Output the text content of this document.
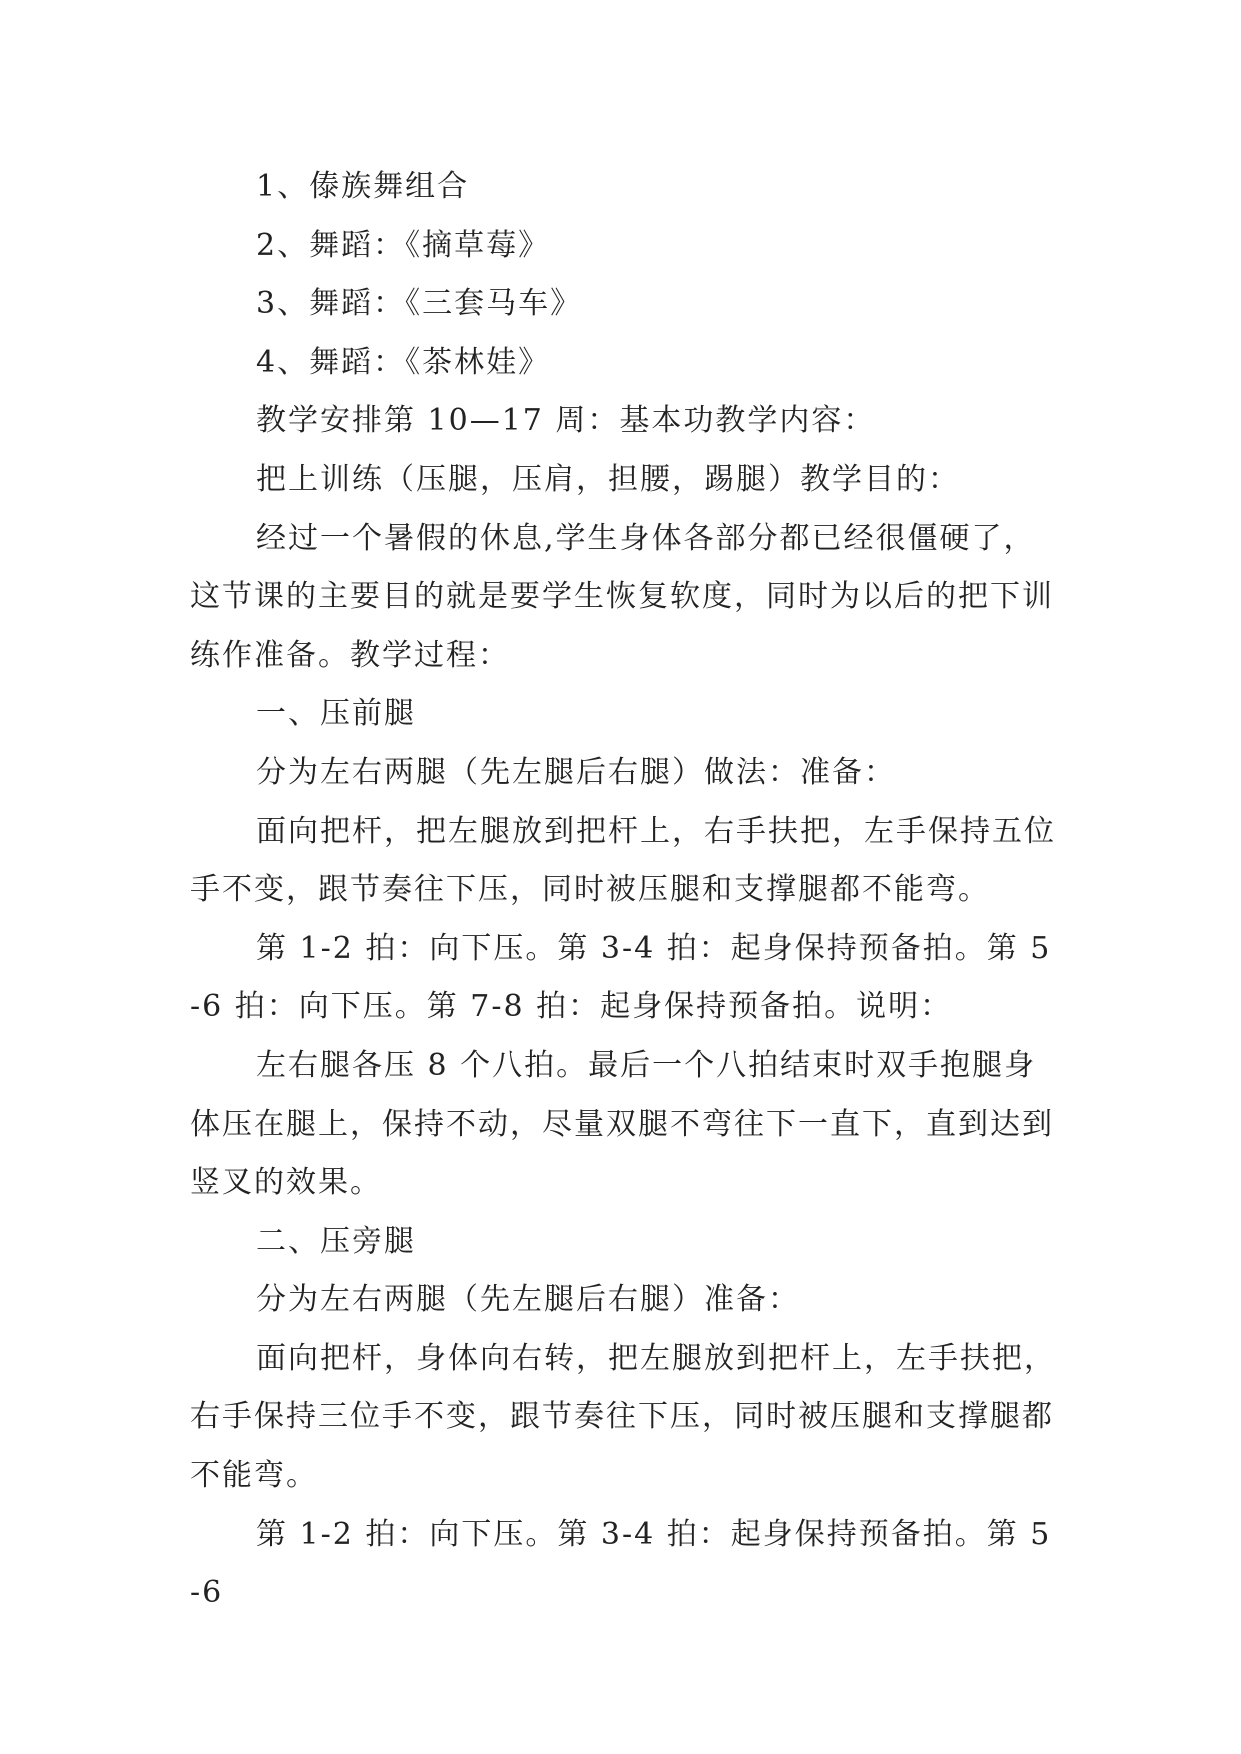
1、傣族舞组合

2、舞蹈：《摘草莓》

3、舞蹈：《三套马车》

4、舞蹈：《茶林娃》

教学安排第 10—17 周：基本功教学内容：

把上训练（压腿，压肩，担腰，踢腿）教学目的：

经过一个暑假的休息,学生身体各部分都已经很僵硬了，这节课的主要目的就是要学生恢复软度，同时为以后的把下训练作准备。教学过程：

一、压前腿

分为左右两腿（先左腿后右腿）做法：准备：

面向把杆，把左腿放到把杆上，右手扶把，左手保持五位手不变，跟节奏往下压，同时被压腿和支撑腿都不能弯。

第 1-2 拍：向下压。第 3-4 拍：起身保持预备拍。第 5-6 拍：向下压。第 7-8 拍：起身保持预备拍。说明：

左右腿各压 8 个八拍。最后一个八拍结束时双手抱腿身体压在腿上，保持不动，尽量双腿不弯往下一直下，直到达到竖叉的效果。

二、压旁腿

分为左右两腿（先左腿后右腿）准备：

面向把杆，身体向右转，把左腿放到把杆上，左手扶把，右手保持三位手不变，跟节奏往下压，同时被压腿和支撑腿都不能弯。

第 1-2 拍：向下压。第 3-4 拍：起身保持预备拍。第 5-6
